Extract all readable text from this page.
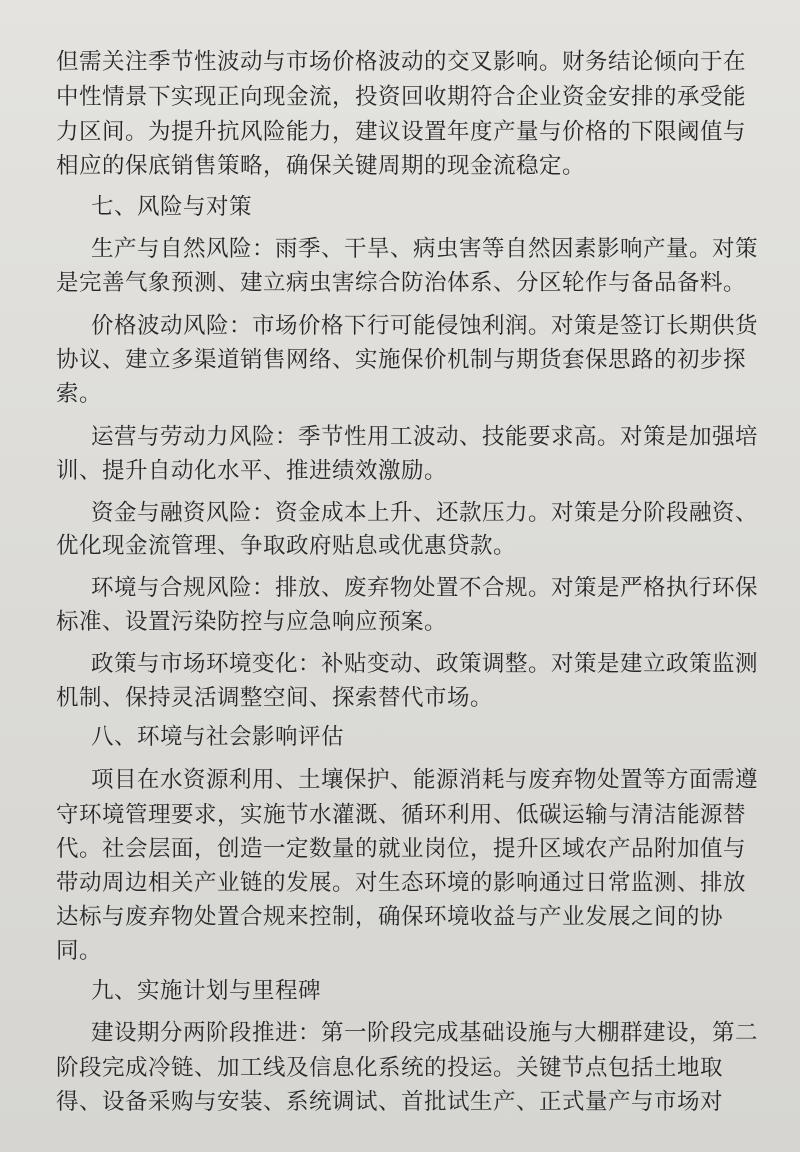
但需关注季节性波动与市场价格波动的交叉影响。财务结论倾向于在
中性情景下实现正向现金流，投资回收期符合企业资金安排的承受能
力区间。为提升抗风险能力，建议设置年度产量与价格的下限阈值与
相应的保底销售策略，确保关键周期的现金流稳定。
七、风险与对策
生产与自然风险：雨季、干旱、病虫害等自然因素影响产量。对策
是完善气象预测、建立病虫害综合防治体系、分区轮作与备品备料。
价格波动风险：市场价格下行可能侵蚀利润。对策是签订长期供货
协议、建立多渠道销售网络、实施保价机制与期货套保思路的初步探
索。
运营与劳动力风险：季节性用工波动、技能要求高。对策是加强培
训、提升自动化水平、推进绩效激励。
资金与融资风险：资金成本上升、还款压力。对策是分阶段融资、
优化现金流管理、争取政府贴息或优惠贷款。
环境与合规风险：排放、废弃物处置不合规。对策是严格执行环保
标准、设置污染防控与应急响应预案。
政策与市场环境变化：补贴变动、政策调整。对策是建立政策监测
机制、保持灵活调整空间、探索替代市场。
八、环境与社会影响评估
项目在水资源利用、土壤保护、能源消耗与废弃物处置等方面需遵
守环境管理要求，实施节水灌溉、循环利用、低碳运输与清洁能源替
代。社会层面，创造一定数量的就业岗位，提升区域农产品附加值与
带动周边相关产业链的发展。对生态环境的影响通过日常监测、排放
达标与废弃物处置合规来控制，确保环境收益与产业发展之间的协
同。
九、实施计划与里程碑
建设期分两阶段推进：第一阶段完成基础设施与大棚群建设，第二
阶段完成冷链、加工线及信息化系统的投运。关键节点包括土地取
得、设备采购与安装、系统调试、首批试生产、正式量产与市场对
